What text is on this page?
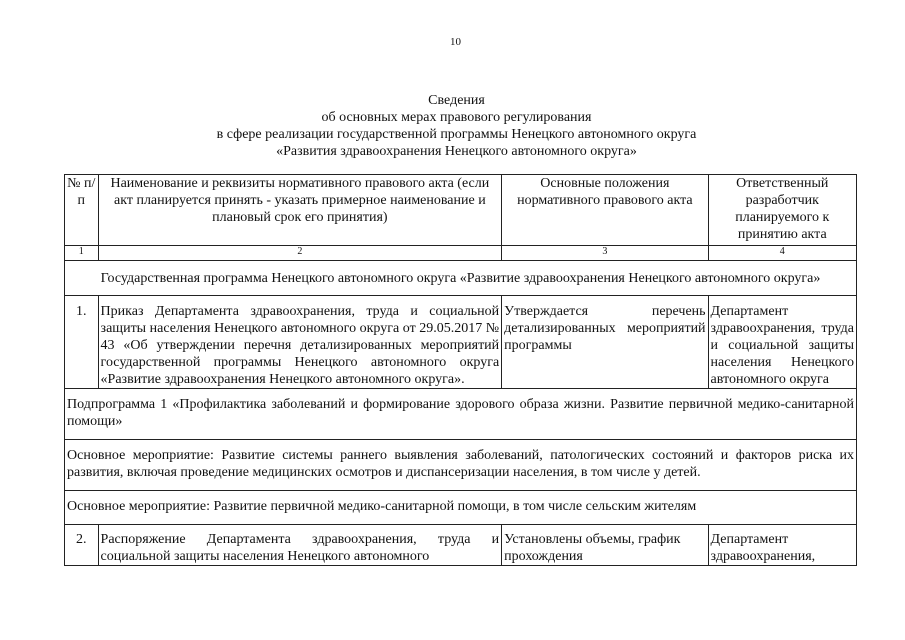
10
Сведения
об основных мерах правового регулирования
в сфере реализации государственной программы Ненецкого автономного округа
«Развития здравоохранения Ненецкого автономного округа»
№ п/п	Наименование и реквизиты нормативного правового акта (если акт планируется принять - указать примерное наименование и плановый срок его принятия)	Основные положения нормативного правового акта	Ответственный разработчик планируемого к принятию акта
1	2	3	4
Государственная программа Ненецкого автономного округа «Развитие здравоохранения Ненецкого автономного округа»			
1.	Приказ Департамента здравоохранения, труда и социальной защиты населения Ненецкого автономного округа от 29.05.2017 № 43 «Об утверждении перечня детализированных мероприятий государственной программы Ненецкого автономного округа «Развитие здравоохранения Ненецкого автономного округа».	Утверждается перечень детализированных мероприятий программы	Департамент здравоохранения, труда и социальной защиты населения Ненецкого автономного округа
Подпрограмма 1 «Профилактика заболеваний и формирование здорового образа жизни. Развитие первичной медико-санитарной помощи»			
Основное мероприятие: Развитие системы раннего выявления заболеваний, патологических состояний и факторов риска их развития, включая проведение медицинских осмотров и диспансеризации населения, в том числе у детей.			
Основное мероприятие: Развитие первичной медико-санитарной помощи, в том числе сельским жителям			
2.	Распоряжение Департамента здравоохранения, труда и социальной защиты населения Ненецкого автономного	Установлены объемы, график прохождения	Департамент здравоохранения,
